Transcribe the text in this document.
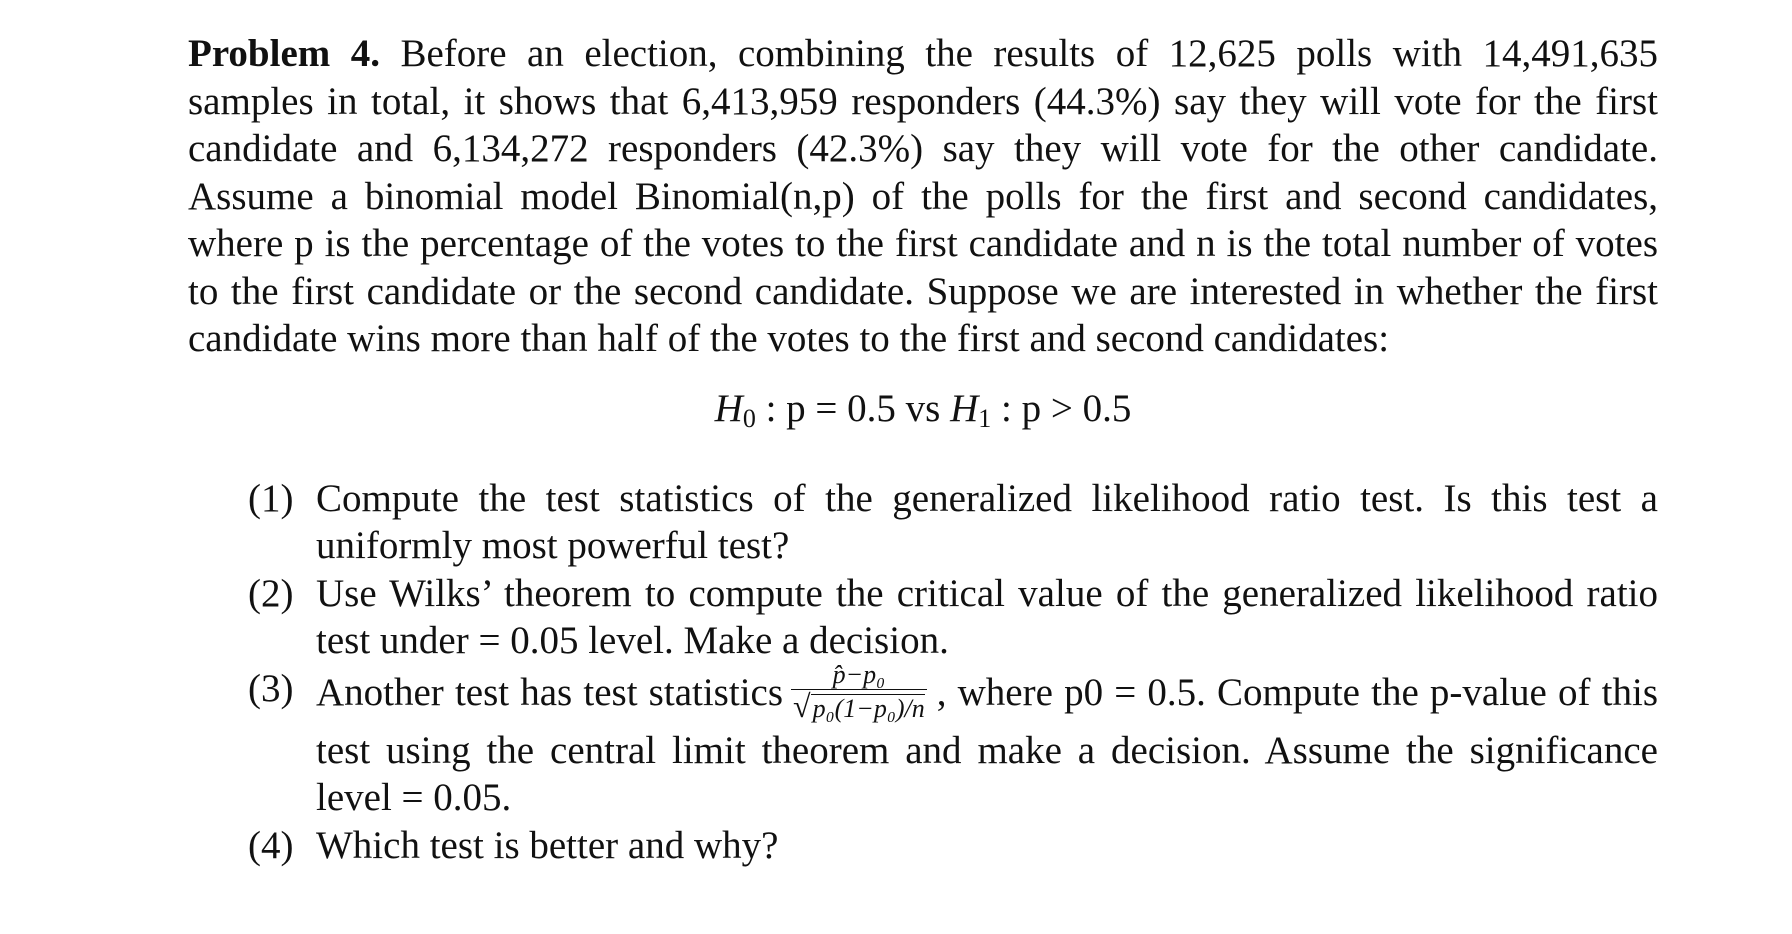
Problem 4. Before an election, combining the results of 12,625 polls with 14,491,635 samples in total, it shows that 6,413,959 responders (44.3%) say they will vote for the first candidate and 6,134,272 responders (42.3%) say they will vote for the other candidate. Assume a binomial model Binomial(n,p) of the polls for the first and second candidates, where p is the percentage of the votes to the first candidate and n is the total number of votes to the first candidate or the second candidate. Suppose we are interested in whether the first candidate wins more than half of the votes to the first and second candidates:

$H_0$ : p = 0.5 vs $H_1$ : p > 0.5
(1) Compute the test statistics of the generalized likelihood ratio test. Is this test a uniformly most powerful test?
(2) Use Wilks’ theorem to compute the critical value of the generalized likelihood ratio test under = 0.05 level. Make a decision.
(3) Another test has test statistics $\frac{\text{p̂−p₀}}{\text{√p₀(1−p₀)/n}}$ , where p0 = 0.5. Compute the p-value of this test using the central limit theorem and make a decision. Assume the significance level = 0.05.
(4) Which test is better and why?
